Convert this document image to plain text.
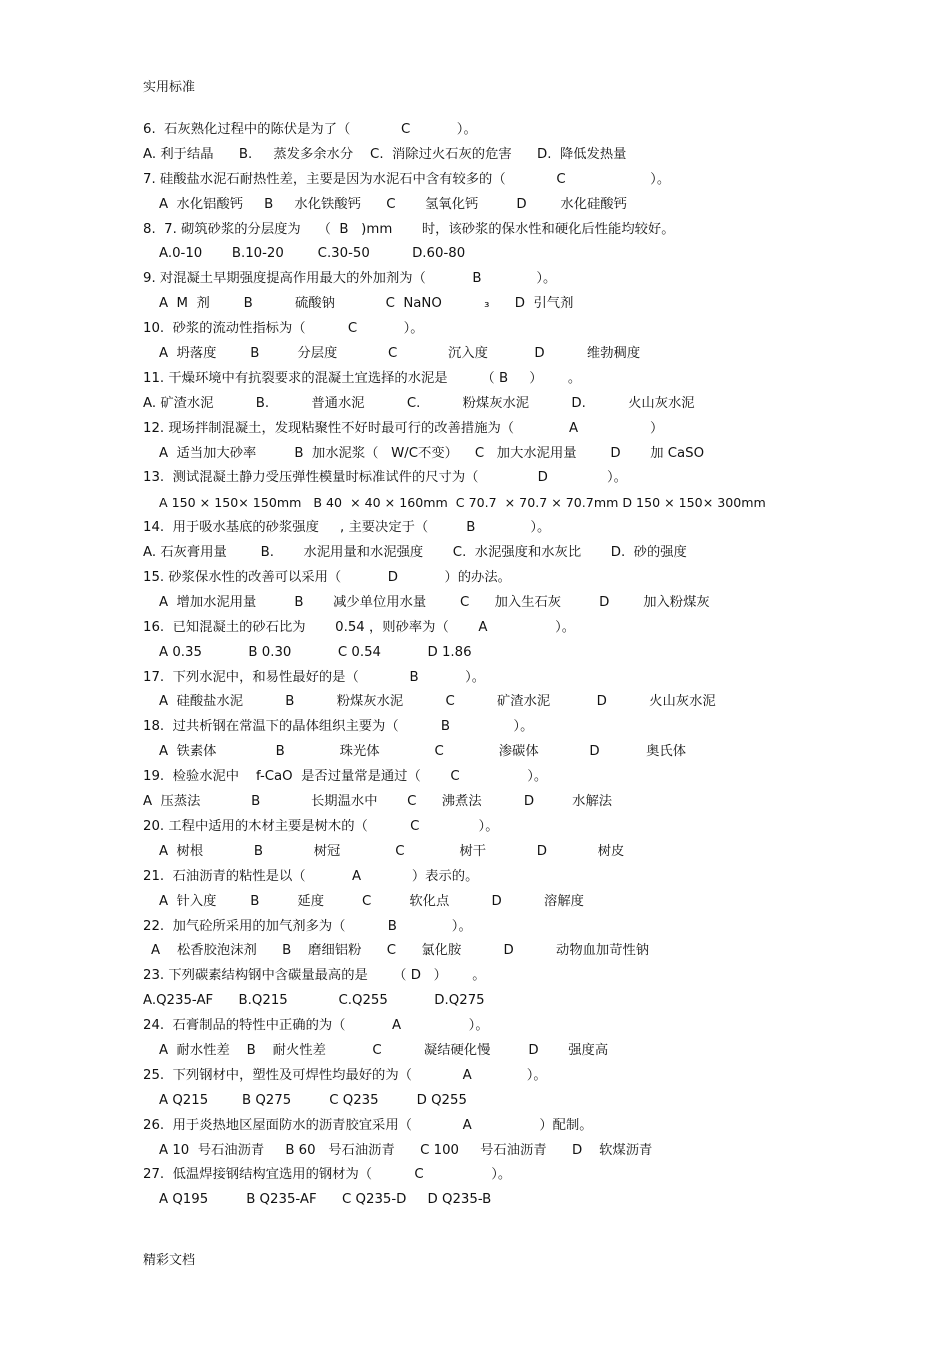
实用标准
6.  石灰熟化过程中的陈伏是为了（            C           ）。
A. 利于结晶      B.     蒸发多余水分    C.  消除过火石灰的危害      D.  降低发热量
7. 硅酸盐水泥石耐热性差，主要是因为水泥石中含有较多的（            C                    ）。
A  水化铝酸钙     B     水化铁酸钙      C       氢氧化钙         D        水化硅酸钙
8.  7. 砌筑砂浆的分层度为    （  B   )mm       时，该砂浆的保水性和硬化后性能均较好。
A.0-10       B.10-20        C.30-50          D.60-80
9. 对混凝土早期强度提高作用最大的外加剂为（           B             ）。
A  M  剂        B          硫酸钠            C  NaNO          ₃      D  引气剂
10.  砂浆的流动性指标为（          C           ）。
A  坍落度        B         分层度            C            沉入度           D          维勃稠度
11. 干燥环境中有抗裂要求的混凝土宜选择的水泥是        （ B     ）      。
A. 矿渣水泥          B.          普通水泥          C.          粉煤灰水泥          D.          火山灰水泥
12. 现场拌制混凝土，发现粘聚性不好时最可行的改善措施为（             A                 ）
A  适当加大砂率         B  加水泥浆（   W/C不变）    C   加大水泥用量        D       加 CaSO
13.  测试混凝土静力受压弹性模量时标准试件的尺寸为（              D              ）。
A 150 × 150× 150mm   B 40  × 40 × 160mm  C 70.7  × 70.7 × 70.7mm D 150 × 150× 300mm
14.  用于吸水基底的砂浆强度     , 主要决定于（         B             ）。
A. 石灰膏用量        B.       水泥用量和水泥强度       C.  水泥强度和水灰比       D.  砂的强度
15. 砂浆保水性的改善可以采用（           D           ）的办法。
A  增加水泥用量         B       减少单位用水量        C      加入生石灰         D        加入粉煤灰
16.  已知混凝土的砂石比为       0.54 ，则砂率为（       A                ）。
A 0.35           B 0.30           C 0.54           D 1.86
17.  下列水泥中，和易性最好的是（            B           ）。
A  硅酸盐水泥          B          粉煤灰水泥          C          矿渣水泥           D          火山灰水泥
18.  过共析钢在常温下的晶体组织主要为（          B               ）。
A  铁素体              B             珠光体             C             渗碳体            D           奥氏体
19.  检验水泥中    f-CaO  是否过量常是通过（       C                ）。
A  压蒸法            B            长期温水中       C      沸煮法          D         水解法
20. 工程中适用的木材主要是树木的（          C              ）。
A  树根            B            树冠             C             树干            D            树皮
21.  石油沥青的粘性是以（           A            ）表示的。
A  针入度        B         延度         C         软化点          D          溶解度
22.  加气砼所采用的加气剂多为（          B             ）。
A    松香胶泡沫剂      B    磨细铝粉      C      氯化胺          D          动物血加苛性钠
23. 下列碳素结构钢中含碳量最高的是      （ D   ）      。
A.Q235-AF      B.Q215            C.Q255           D.Q275
24.  石膏制品的特性中正确的为（           A                ）。
A  耐水性差    B    耐火性差           C          凝结硬化慢         D       强度高
25.  下列钢材中，塑性及可焊性均最好的为（            A             ）。
A Q215        B Q275         C Q235         D Q255
26.  用于炎热地区屋面防水的沥青胶宜采用（            A                ）配制。
A 10  号石油沥青     B 60   号石油沥青      C 100     号石油沥青      D    软煤沥青
27.  低温焊接钢结构宜选用的钢材为（          C                ）。
A Q195         B Q235-AF      C Q235-D     D Q235-B
精彩文档
